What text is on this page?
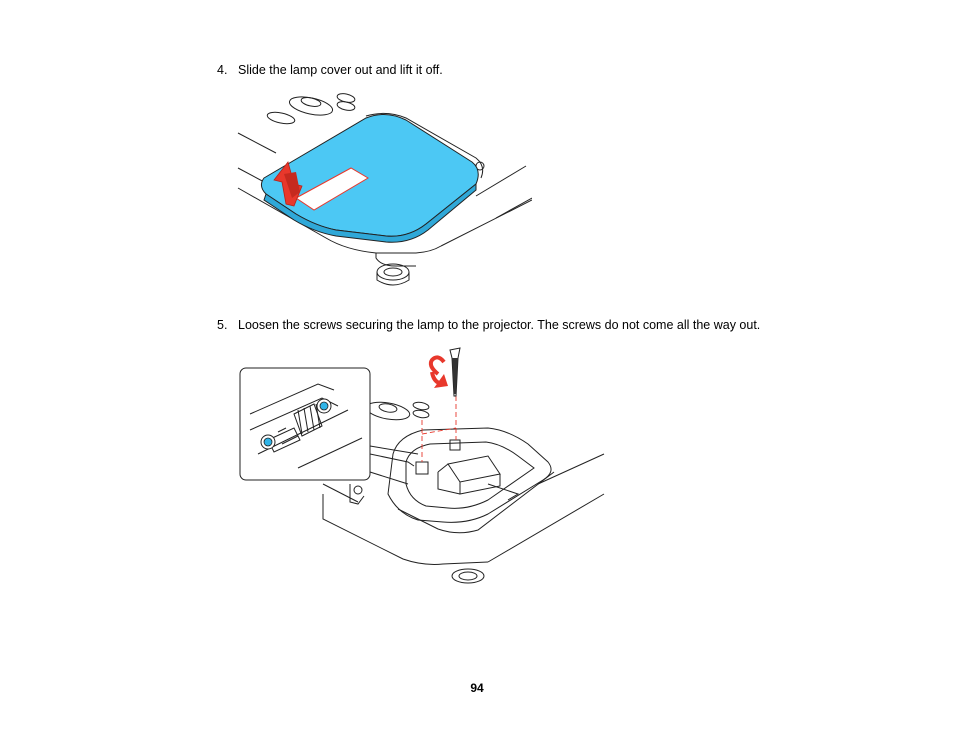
4. Slide the lamp cover out and lift it off.
5. Loosen the screws securing the lamp to the projector. The screws do not come all the way out.
94
